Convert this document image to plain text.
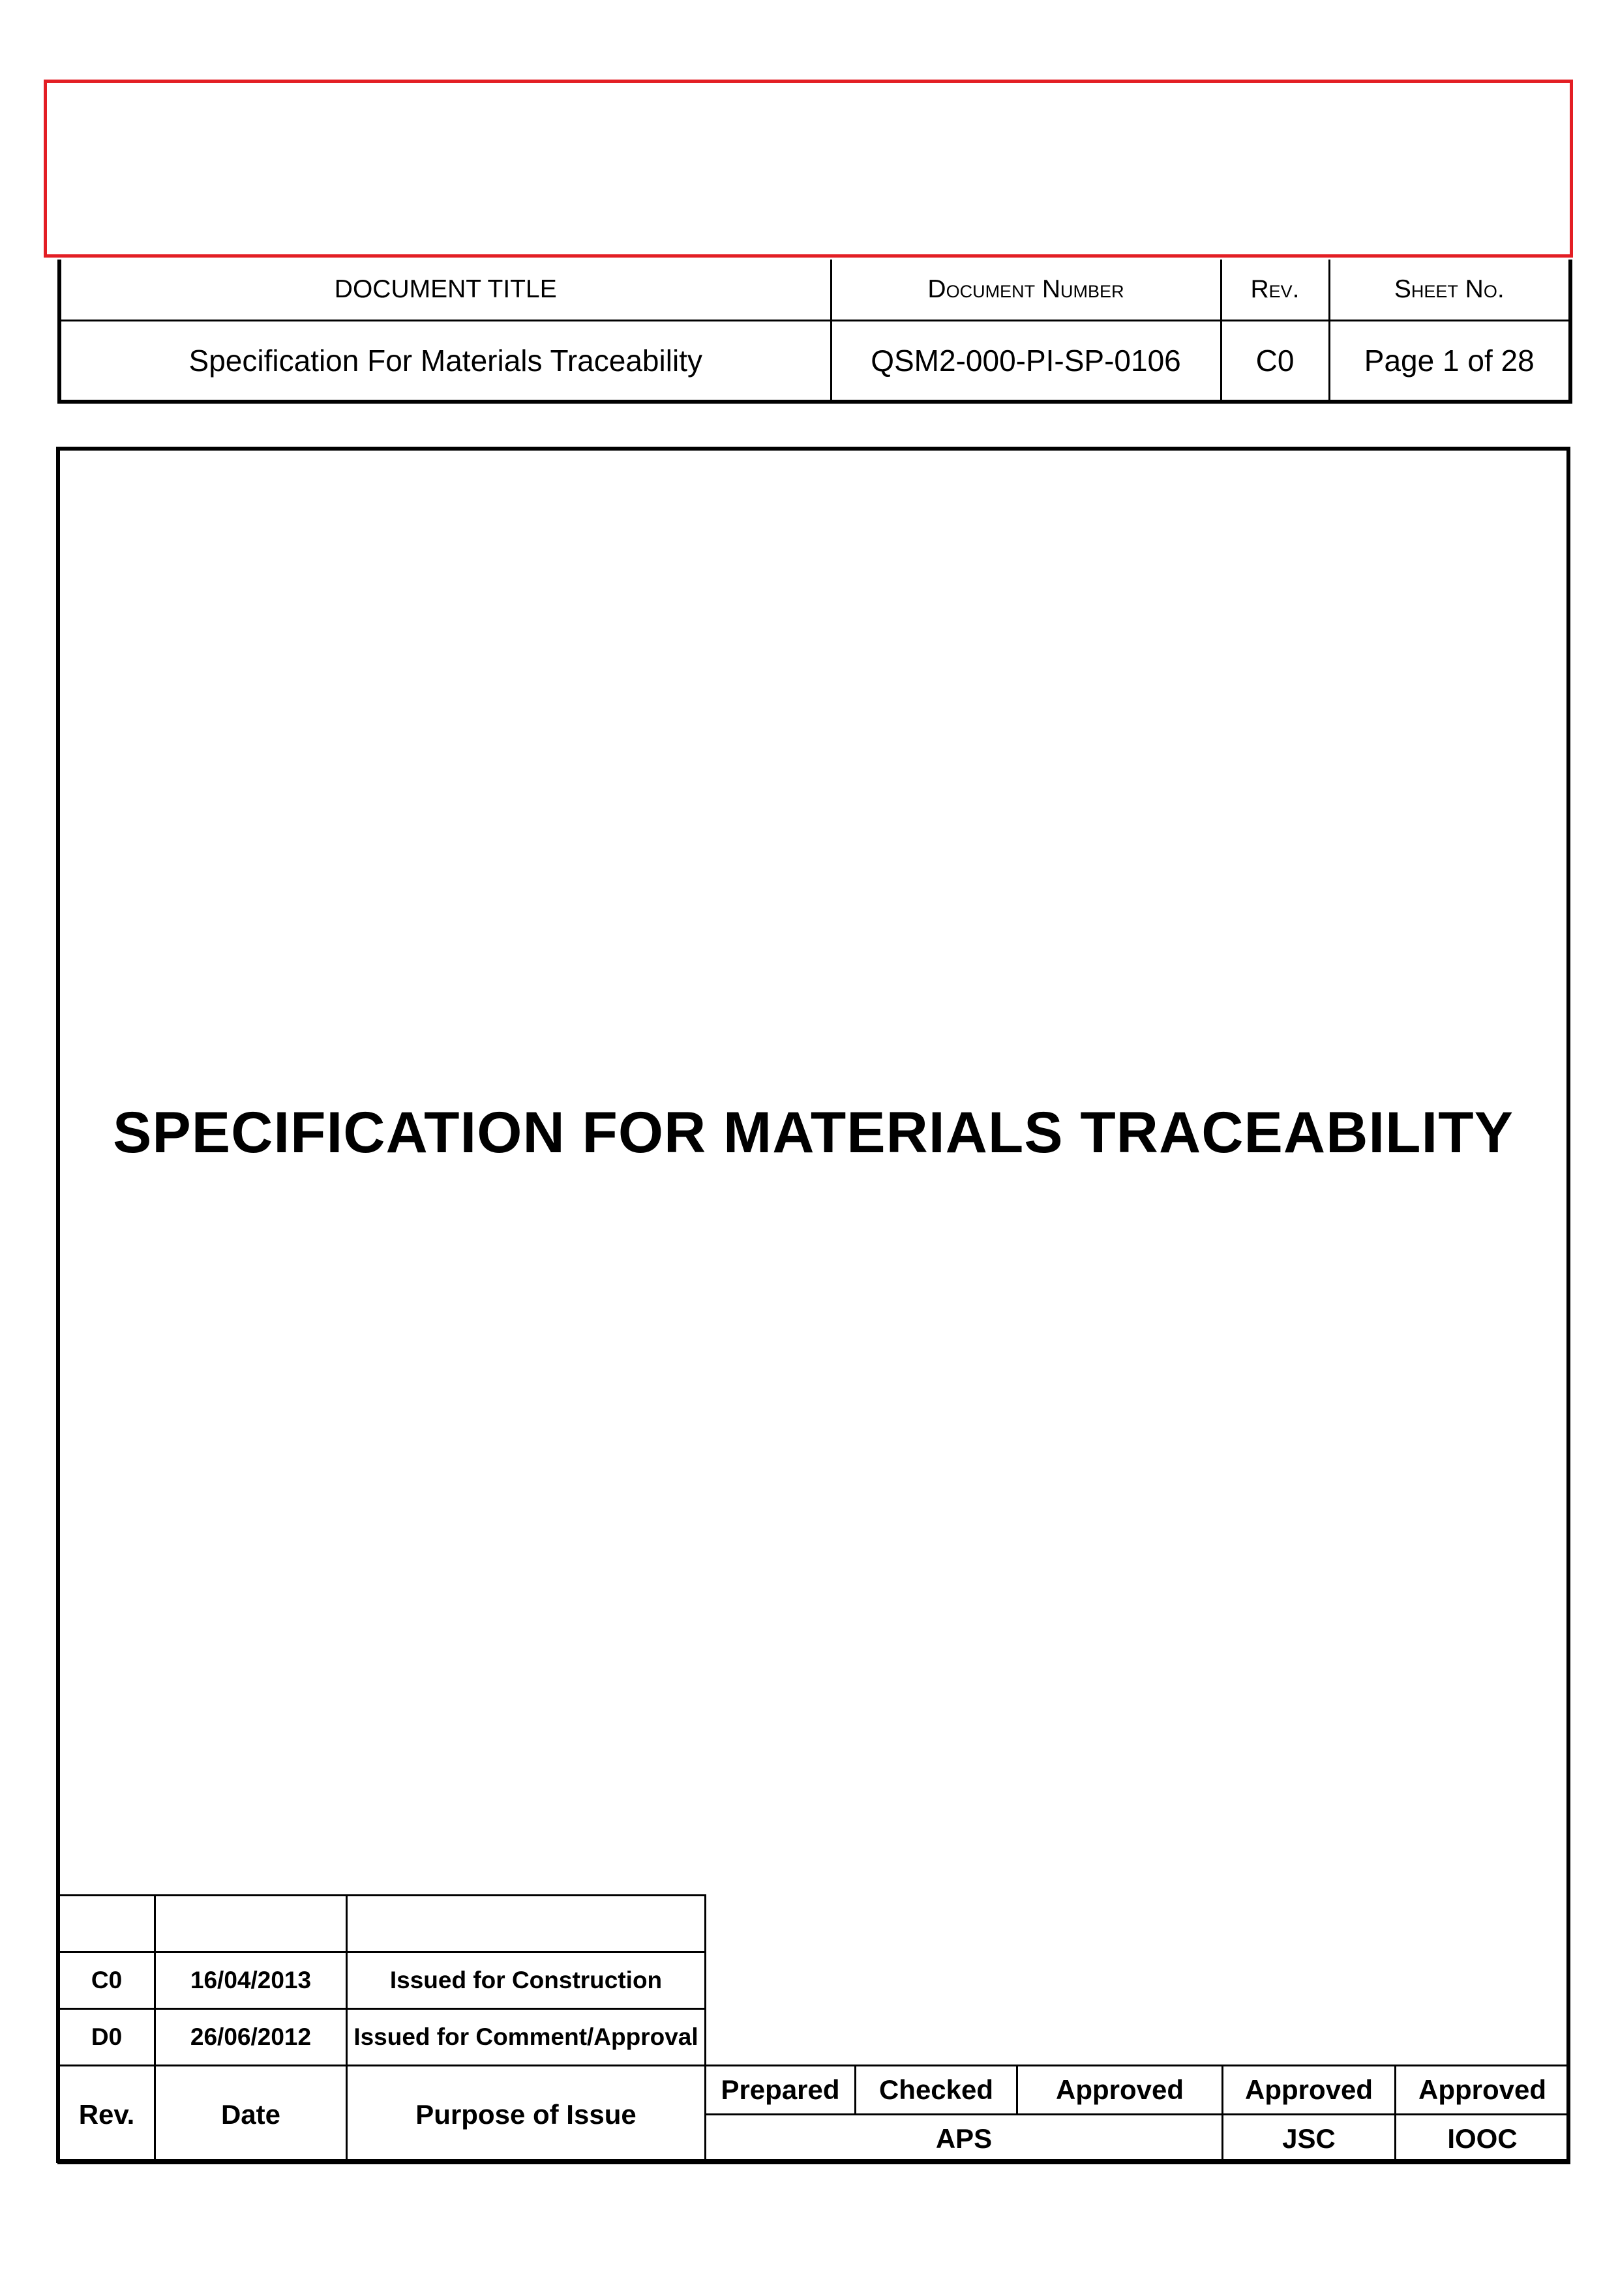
DOCUMENT TITLE	Document Number	Rev.	Sheet No.
Specification For Materials Traceability	QSM2-000-PI-SP-0106	C0	Page 1 of 28
SPECIFICATION FOR MATERIALS TRACEABILITY

C0	16/04/2013	Issued for Construction					
D0	26/06/2012	Issued for Comment/Approval					
Rev.	Date	Purpose of Issue	Prepared	Checked	Approved	Approved	Approved
			APS			JSC	IOOC
